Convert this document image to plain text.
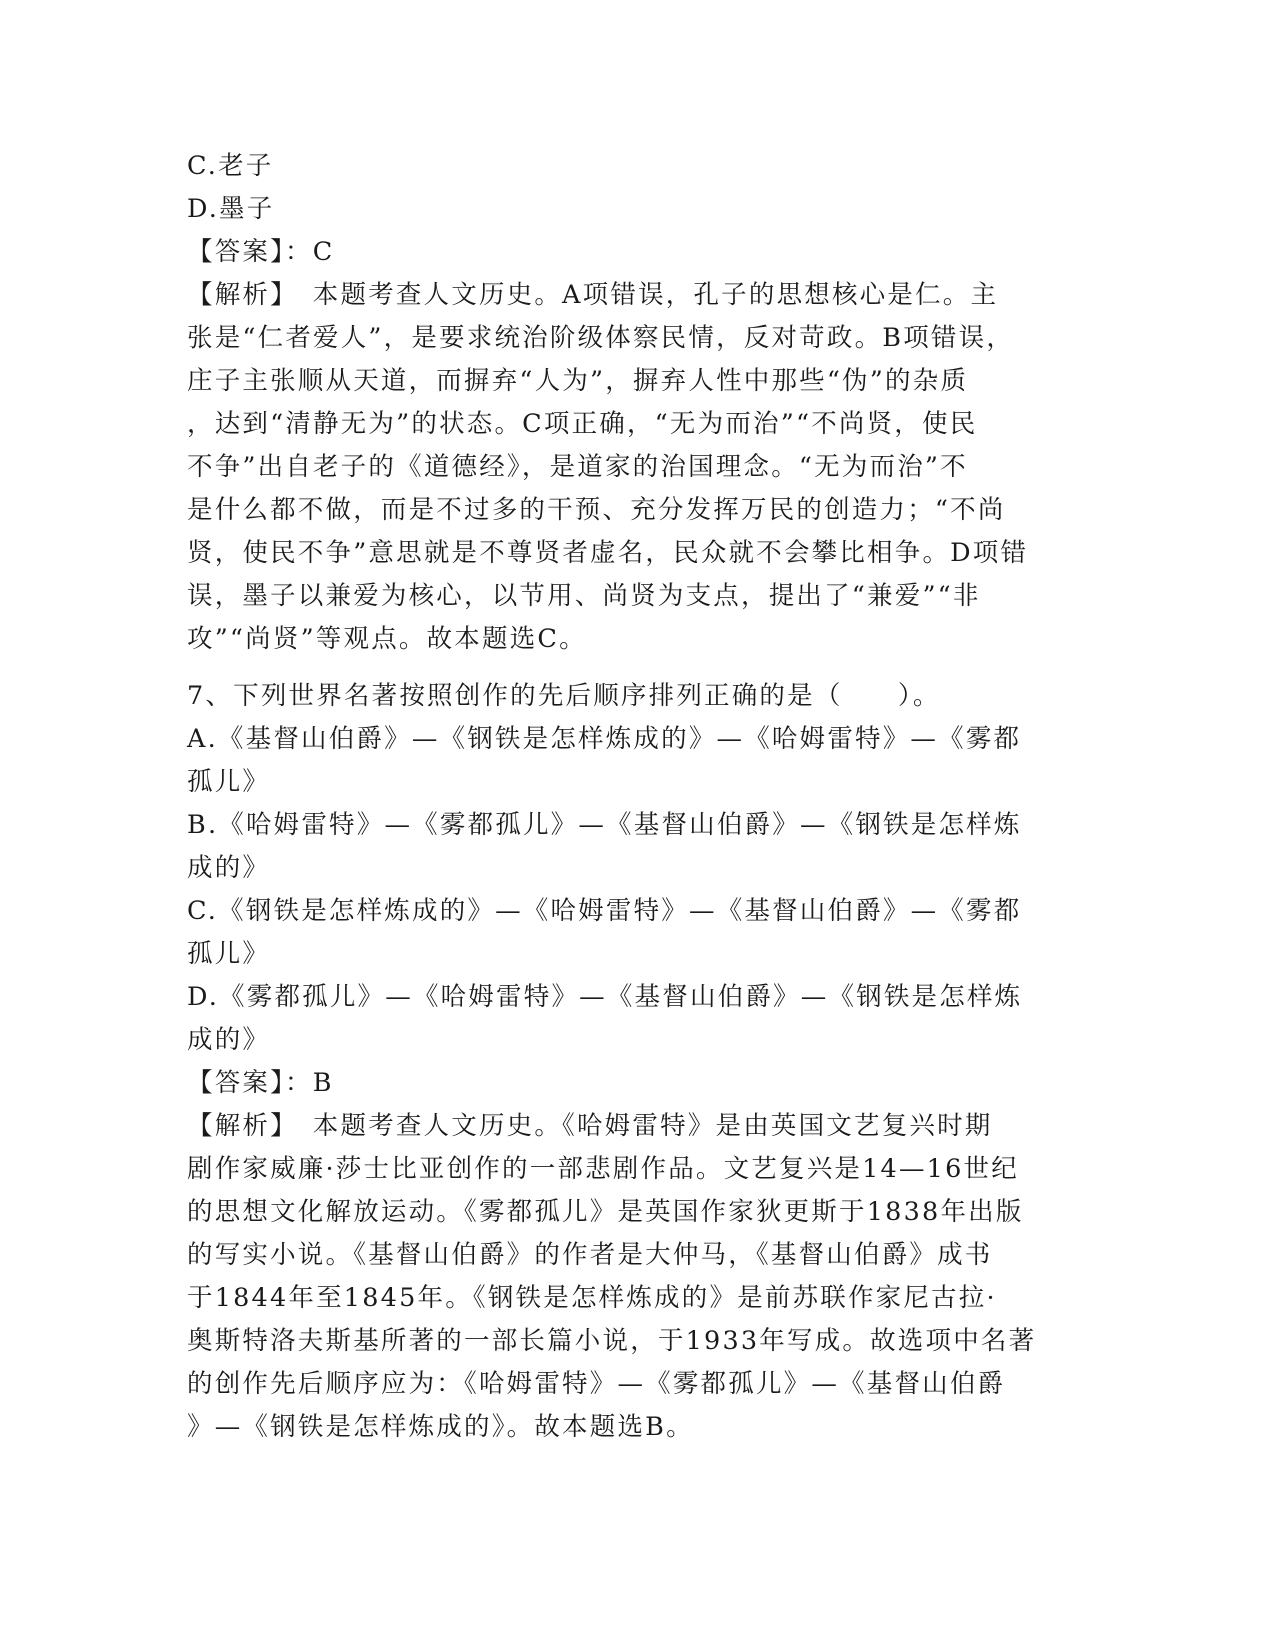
C.老子
D.墨子
【答案】：C
【解析】　本题考查人文历史。A项错误，孔子的思想核心是仁。主
张是“仁者爱人”，是要求统治阶级体察民情，反对苛政。B项错误，
庄子主张顺从天道，而摒弃“人为”，摒弃人性中那些“伪”的杂质
，达到“清静无为”的状态。C项正确，“无为而治”“不尚贤，使民
不争”出自老子的《道德经》，是道家的治国理念。“无为而治”不
是什么都不做，而是不过多的干预、充分发挥万民的创造力；“不尚
贤，使民不争”意思就是不尊贤者虚名，民众就不会攀比相争。D项错
误，墨子以兼爱为核心，以节用、尚贤为支点，提出了“兼爱”“非
攻”“尚贤”等观点。故本题选C。
7、下列世界名著按照创作的先后顺序排列正确的是（　　）。
A.《基督山伯爵》—《钢铁是怎样炼成的》—《哈姆雷特》—《雾都
孤儿》
B.《哈姆雷特》—《雾都孤儿》—《基督山伯爵》—《钢铁是怎样炼
成的》
C.《钢铁是怎样炼成的》—《哈姆雷特》—《基督山伯爵》—《雾都
孤儿》
D.《雾都孤儿》—《哈姆雷特》—《基督山伯爵》—《钢铁是怎样炼
成的》
【答案】：B
【解析】　本题考查人文历史。《哈姆雷特》是由英国文艺复兴时期
剧作家威廉·莎士比亚创作的一部悲剧作品。文艺复兴是14—16世纪
的思想文化解放运动。《雾都孤儿》是英国作家狄更斯于1838年出版
的写实小说。《基督山伯爵》的作者是大仲马，《基督山伯爵》成书
于1844年至1845年。《钢铁是怎样炼成的》是前苏联作家尼古拉·
奥斯特洛夫斯基所著的一部长篇小说，于1933年写成。故选项中名著
的创作先后顺序应为：《哈姆雷特》—《雾都孤儿》—《基督山伯爵
》—《钢铁是怎样炼成的》。故本题选B。
